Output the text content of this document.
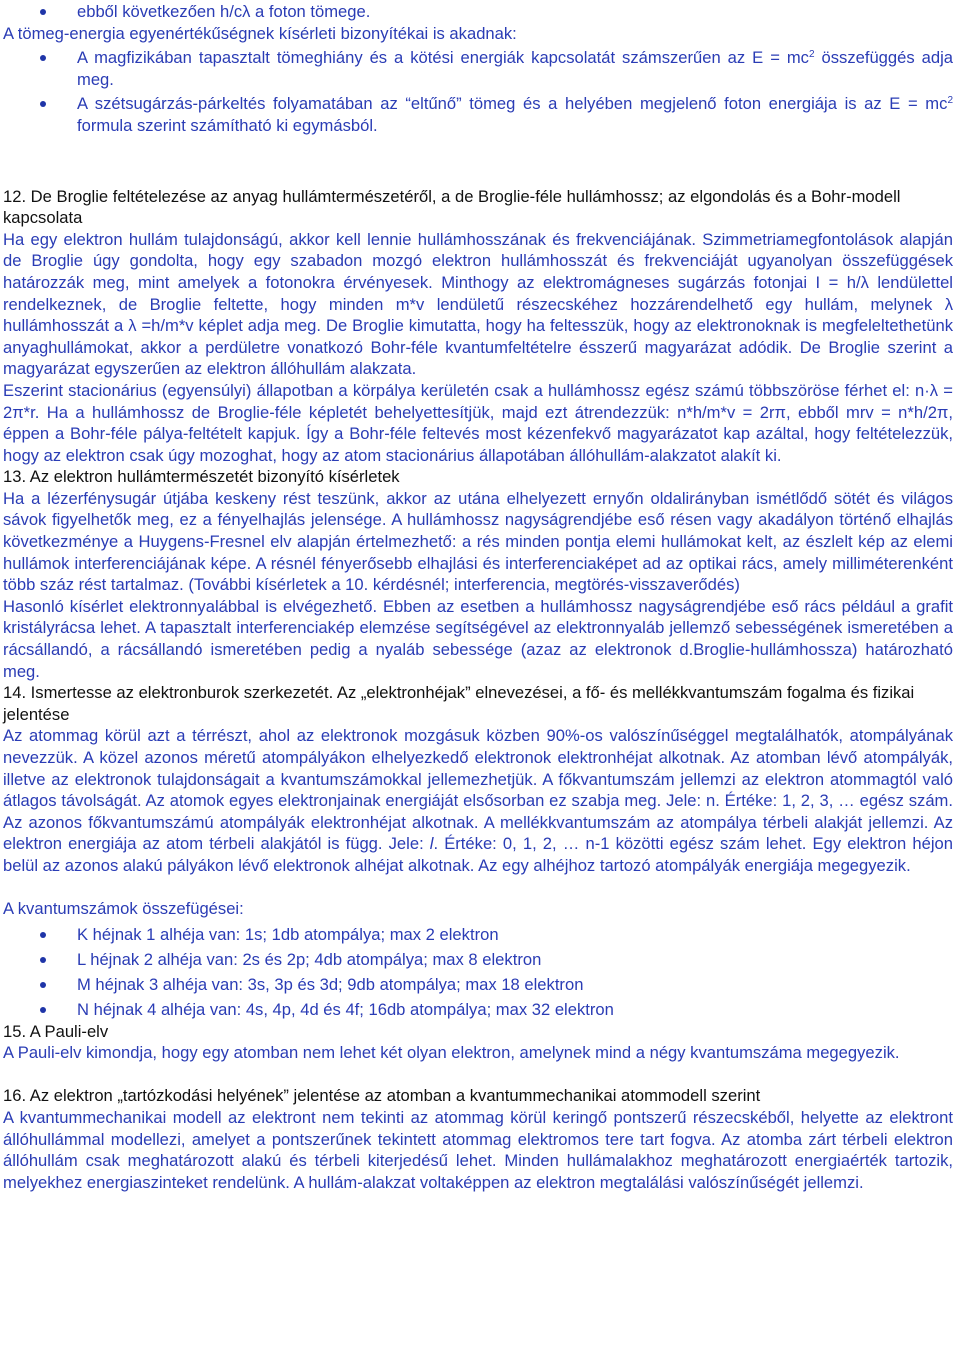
ebből következően h/cλ a foton tömege.

A tömeg-energia egyenértékűségnek kísérleti bizonyítékai is akadnak:

A magfizikában tapasztalt tömeghiány és a kötési energiák kapcsolatát számszerűen az $E = mc^2$ összefüggés adja meg.
A szétsugárzás-párkeltés folyamatában az “eltűnő” tömeg és a helyében megjelenő foton energiája is az $E = mc^2$ formula szerint számítható ki egymásból.

12. De Broglie feltételezése az anyag hullámtermészetéről, a de Broglie-féle hullámhossz; az elgondolás és a Bohr-modell kapcsolata

Ha egy elektron hullám tulajdonságú, akkor kell lennie hullámhosszának és frekvenciájának. Szimmetriamegfontolások alapján de Broglie úgy gondolta, hogy egy szabadon mozgó elektron hullámhosszát és frekvenciáját ugyanolyan összefüggések határozzák meg, mint amelyek a fotonokra érvényesek. Minthogy az elektromágneses sugárzás fotonjai I = h/λ lendülettel rendelkeznek, de Broglie feltette, hogy minden m*v lendületű részecskéhez hozzárendelhető egy hullám, melynek λ hullámhosszát a λ =h/m*v képlet adja meg. De Broglie kimutatta, hogy ha feltesszük, hogy az elektronoknak is megfeleltethetünk anyaghullámokat, akkor a perdületre vonatkozó Bohr-féle kvantumfeltételre ésszerű magyarázat adódik. De Broglie szerint a magyarázat egyszerűen az elektron állóhullám alakzata.

Eszerint stacionárius (egyensúlyi) állapotban a körpálya kerületén csak a hullámhossz egész számú többszöröse férhet el: n·λ = 2π*r. Ha a hullámhossz de Broglie-féle képletét behelyettesítjük, majd ezt átrendezzük: n*h/m*v = 2rπ, ebből mrv = n*h/2π, éppen a Bohr-féle pálya-feltételt kapjuk. Így a Bohr-féle feltevés most kézenfekvő magyarázatot kap azáltal, hogy feltételezzük, hogy az elektron csak úgy mozoghat, hogy az atom stacionárius állapotában állóhullám-alakzatot alakít ki.

13. Az elektron hullámtermészetét bizonyító kísérletek

Ha a lézerfénysugár útjába keskeny rést teszünk, akkor az utána elhelyezett ernyőn oldalirányban ismétlődő sötét és világos sávok figyelhetők meg, ez a fényelhajlás jelensége. A hullámhossz nagyságrendjébe eső résen vagy akadályon történő elhajlás következménye a Huygens-Fresnel elv alapján értelmezhető: a rés minden pontja elemi hullámokat kelt, az észlelt kép az elemi hullámok interferenciájának képe. A résnél fényerősebb elhajlási és interferenciaképet ad az optikai rács, amely milliméterenként több száz rést tartalmaz. (További kísérletek a 10. kérdésnél; interferencia, megtörés-visszaverődés)

Hasonló kísérlet elektronnyalábbal is elvégezhető. Ebben az esetben a hullámhossz nagyságrendjébe eső rács például a grafit kristályrácsa lehet. A tapasztalt interferenciakép elemzése segítségével az elektronnyaláb jellemző sebességének ismeretében a rácsállandó, a rácsállandó ismeretében pedig a nyaláb sebessége (azaz az elektronok d.Broglie-hullámhossza) határozható meg.

14. Ismertesse az elektronburok szerkezetét. Az „elektronhéjak” elnevezései, a fő- és mellékkvantumszám fogalma és fizikai jelentése

Az atommag körül azt a térrészt, ahol az elektronok mozgásuk közben 90%-os valószínűséggel megtalálhatók, atompályának nevezzük. A közel azonos méretű atompályákon elhelyezkedő elektronok elektronhéjat alkotnak. Az atomban lévő atompályák, illetve az elektronok tulajdonságait a kvantumszámokkal jellemezhetjük. A főkvantumszám jellemzi az elektron atommagtól való átlagos távolságát. Az atomok egyes elektronjainak energiáját elsősorban ez szabja meg. Jele: n. Értéke: 1, 2, 3, … egész szám. Az azonos főkvantumszámú atompályák elektronhéjat alkotnak. A mellékkvantumszám az atompálya térbeli alakját jellemzi. Az elektron energiája az atom térbeli alakjától is függ. Jele: l. Értéke: 0, 1, 2, … n-1 közötti egész szám lehet. Egy elektron héjon belül az azonos alakú pályákon lévő elektronok alhéjat alkotnak. Az egy alhéjhoz tartozó atompályák energiája megegyezik.

A kvantumszámok összefügései:

K héjnak 1 alhéja van: 1s; 1db atompálya; max 2 elektron
L héjnak 2 alhéja van: 2s és 2p; 4db atompálya; max 8 elektron
M héjnak 3 alhéja van: 3s, 3p és 3d; 9db atompálya; max 18 elektron
N héjnak 4 alhéja van: 4s, 4p, 4d és 4f; 16db atompálya; max 32 elektron

15. A Pauli-elv

A Pauli-elv kimondja, hogy egy atomban nem lehet két olyan elektron, amelynek mind a négy kvantumszáma megegyezik.

16. Az elektron „tartózkodási helyének” jelentése az atomban a kvantummechanikai atommodell szerint

A kvantummechanikai modell az elektront nem tekinti az atommag körül keringő pontszerű részecskéből, helyette az elektront állóhullámmal modellezi, amelyet a pontszerűnek tekintett atommag elektromos tere tart fogva. Az atomba zárt térbeli elektron állóhullám csak meghatározott alakú és térbeli kiterjedésű lehet. Minden hullámalakhoz meghatározott energiaérték tartozik, melyekhez energiaszinteket rendelünk. A hullám-alakzat voltaképpen az elektron megtalálási valószínűségét jellemzi.
